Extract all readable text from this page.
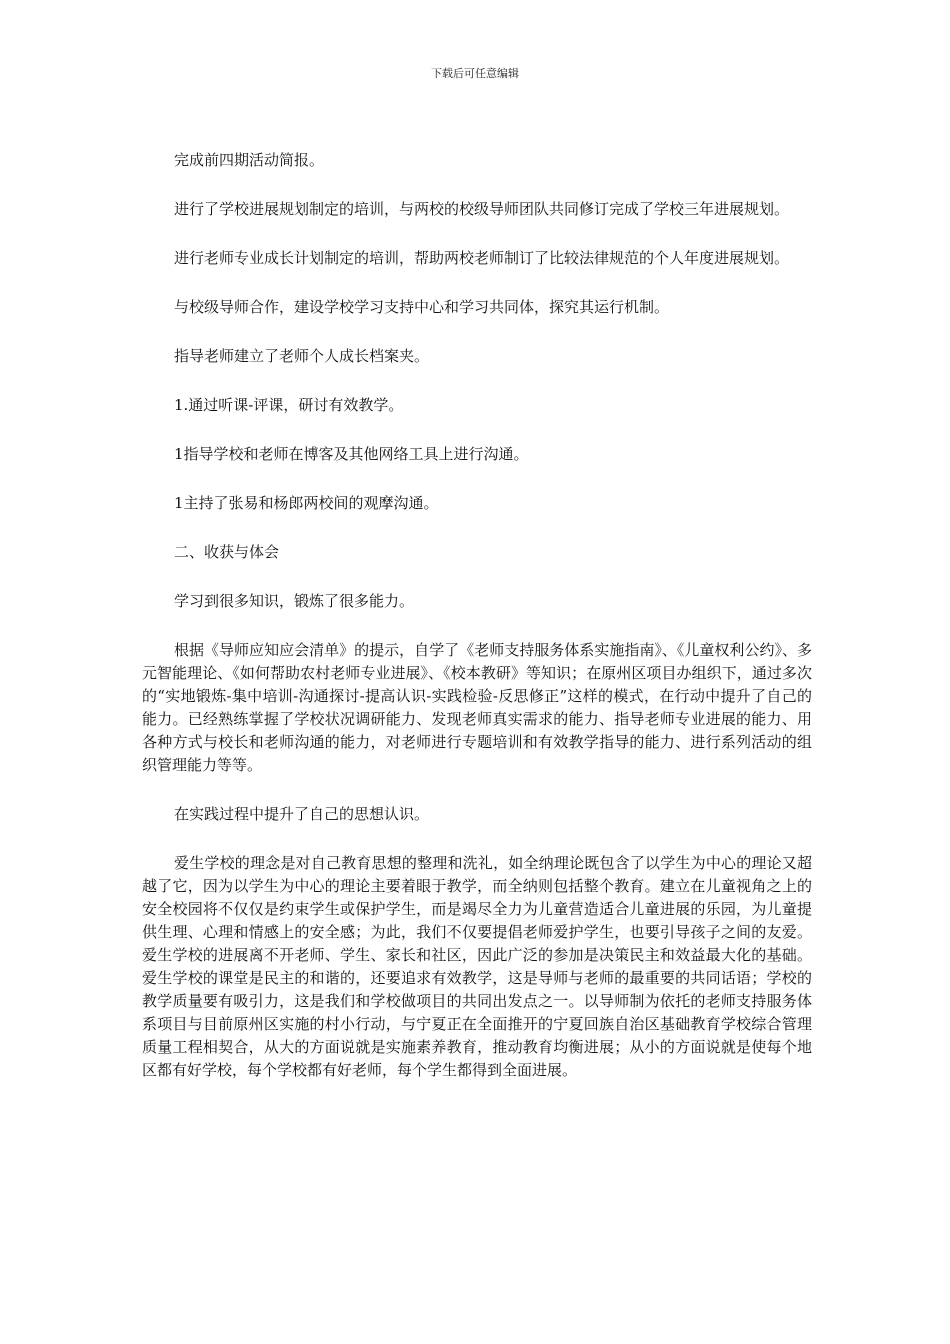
下载后可任意编辑

完成前四期活动简报。

进行了学校进展规划制定的培训，与两校的校级导师团队共同修订完成了学校三年进展规划。

进行老师专业成长计划制定的培训，帮助两校老师制订了比较法律规范的个人年度进展规划。

与校级导师合作，建设学校学习支持中心和学习共同体，探究其运行机制。

指导老师建立了老师个人成长档案夹。

1.通过听课-评课，研讨有效教学。

1指导学校和老师在博客及其他网络工具上进行沟通。

1主持了张易和杨郎两校间的观摩沟通。

二、收获与体会

学习到很多知识，锻炼了很多能力。

根据《导师应知应会清单》的提示，自学了《老师支持服务体系实施指南》、《儿童权利公约》、多元智能理论、《如何帮助农村老师专业进展》、《校本教研》等知识；在原州区项目办组织下，通过多次的“实地锻炼-集中培训-沟通探讨-提高认识-实践检验-反思修正”这样的模式，在行动中提升了自己的能力。已经熟练掌握了学校状况调研能力、发现老师真实需求的能力、指导老师专业进展的能力、用各种方式与校长和老师沟通的能力，对老师进行专题培训和有效教学指导的能力、进行系列活动的组织管理能力等等。

在实践过程中提升了自己的思想认识。

爱生学校的理念是对自己教育思想的整理和洗礼，如全纳理论既包含了以学生为中心的理论又超越了它，因为以学生为中心的理论主要着眼于教学，而全纳则包括整个教育。建立在儿童视角之上的安全校园将不仅仅是约束学生或保护学生，而是竭尽全力为儿童营造适合儿童进展的乐园，为儿童提供生理、心理和情感上的安全感；为此，我们不仅要提倡老师爱护学生，也要引导孩子之间的友爱。爱生学校的进展离不开老师、学生、家长和社区，因此广泛的参加是决策民主和效益最大化的基础。爱生学校的课堂是民主的和谐的，还要追求有效教学，这是导师与老师的最重要的共同话语；学校的教学质量要有吸引力，这是我们和学校做项目的共同出发点之一。以导师制为依托的老师支持服务体系项目与目前原州区实施的村小行动，与宁夏正在全面推开的宁夏回族自治区基础教育学校综合管理质量工程相契合，从大的方面说就是实施素养教育，推动教育均衡进展；从小的方面说就是使每个地区都有好学校，每个学校都有好老师，每个学生都得到全面进展。
